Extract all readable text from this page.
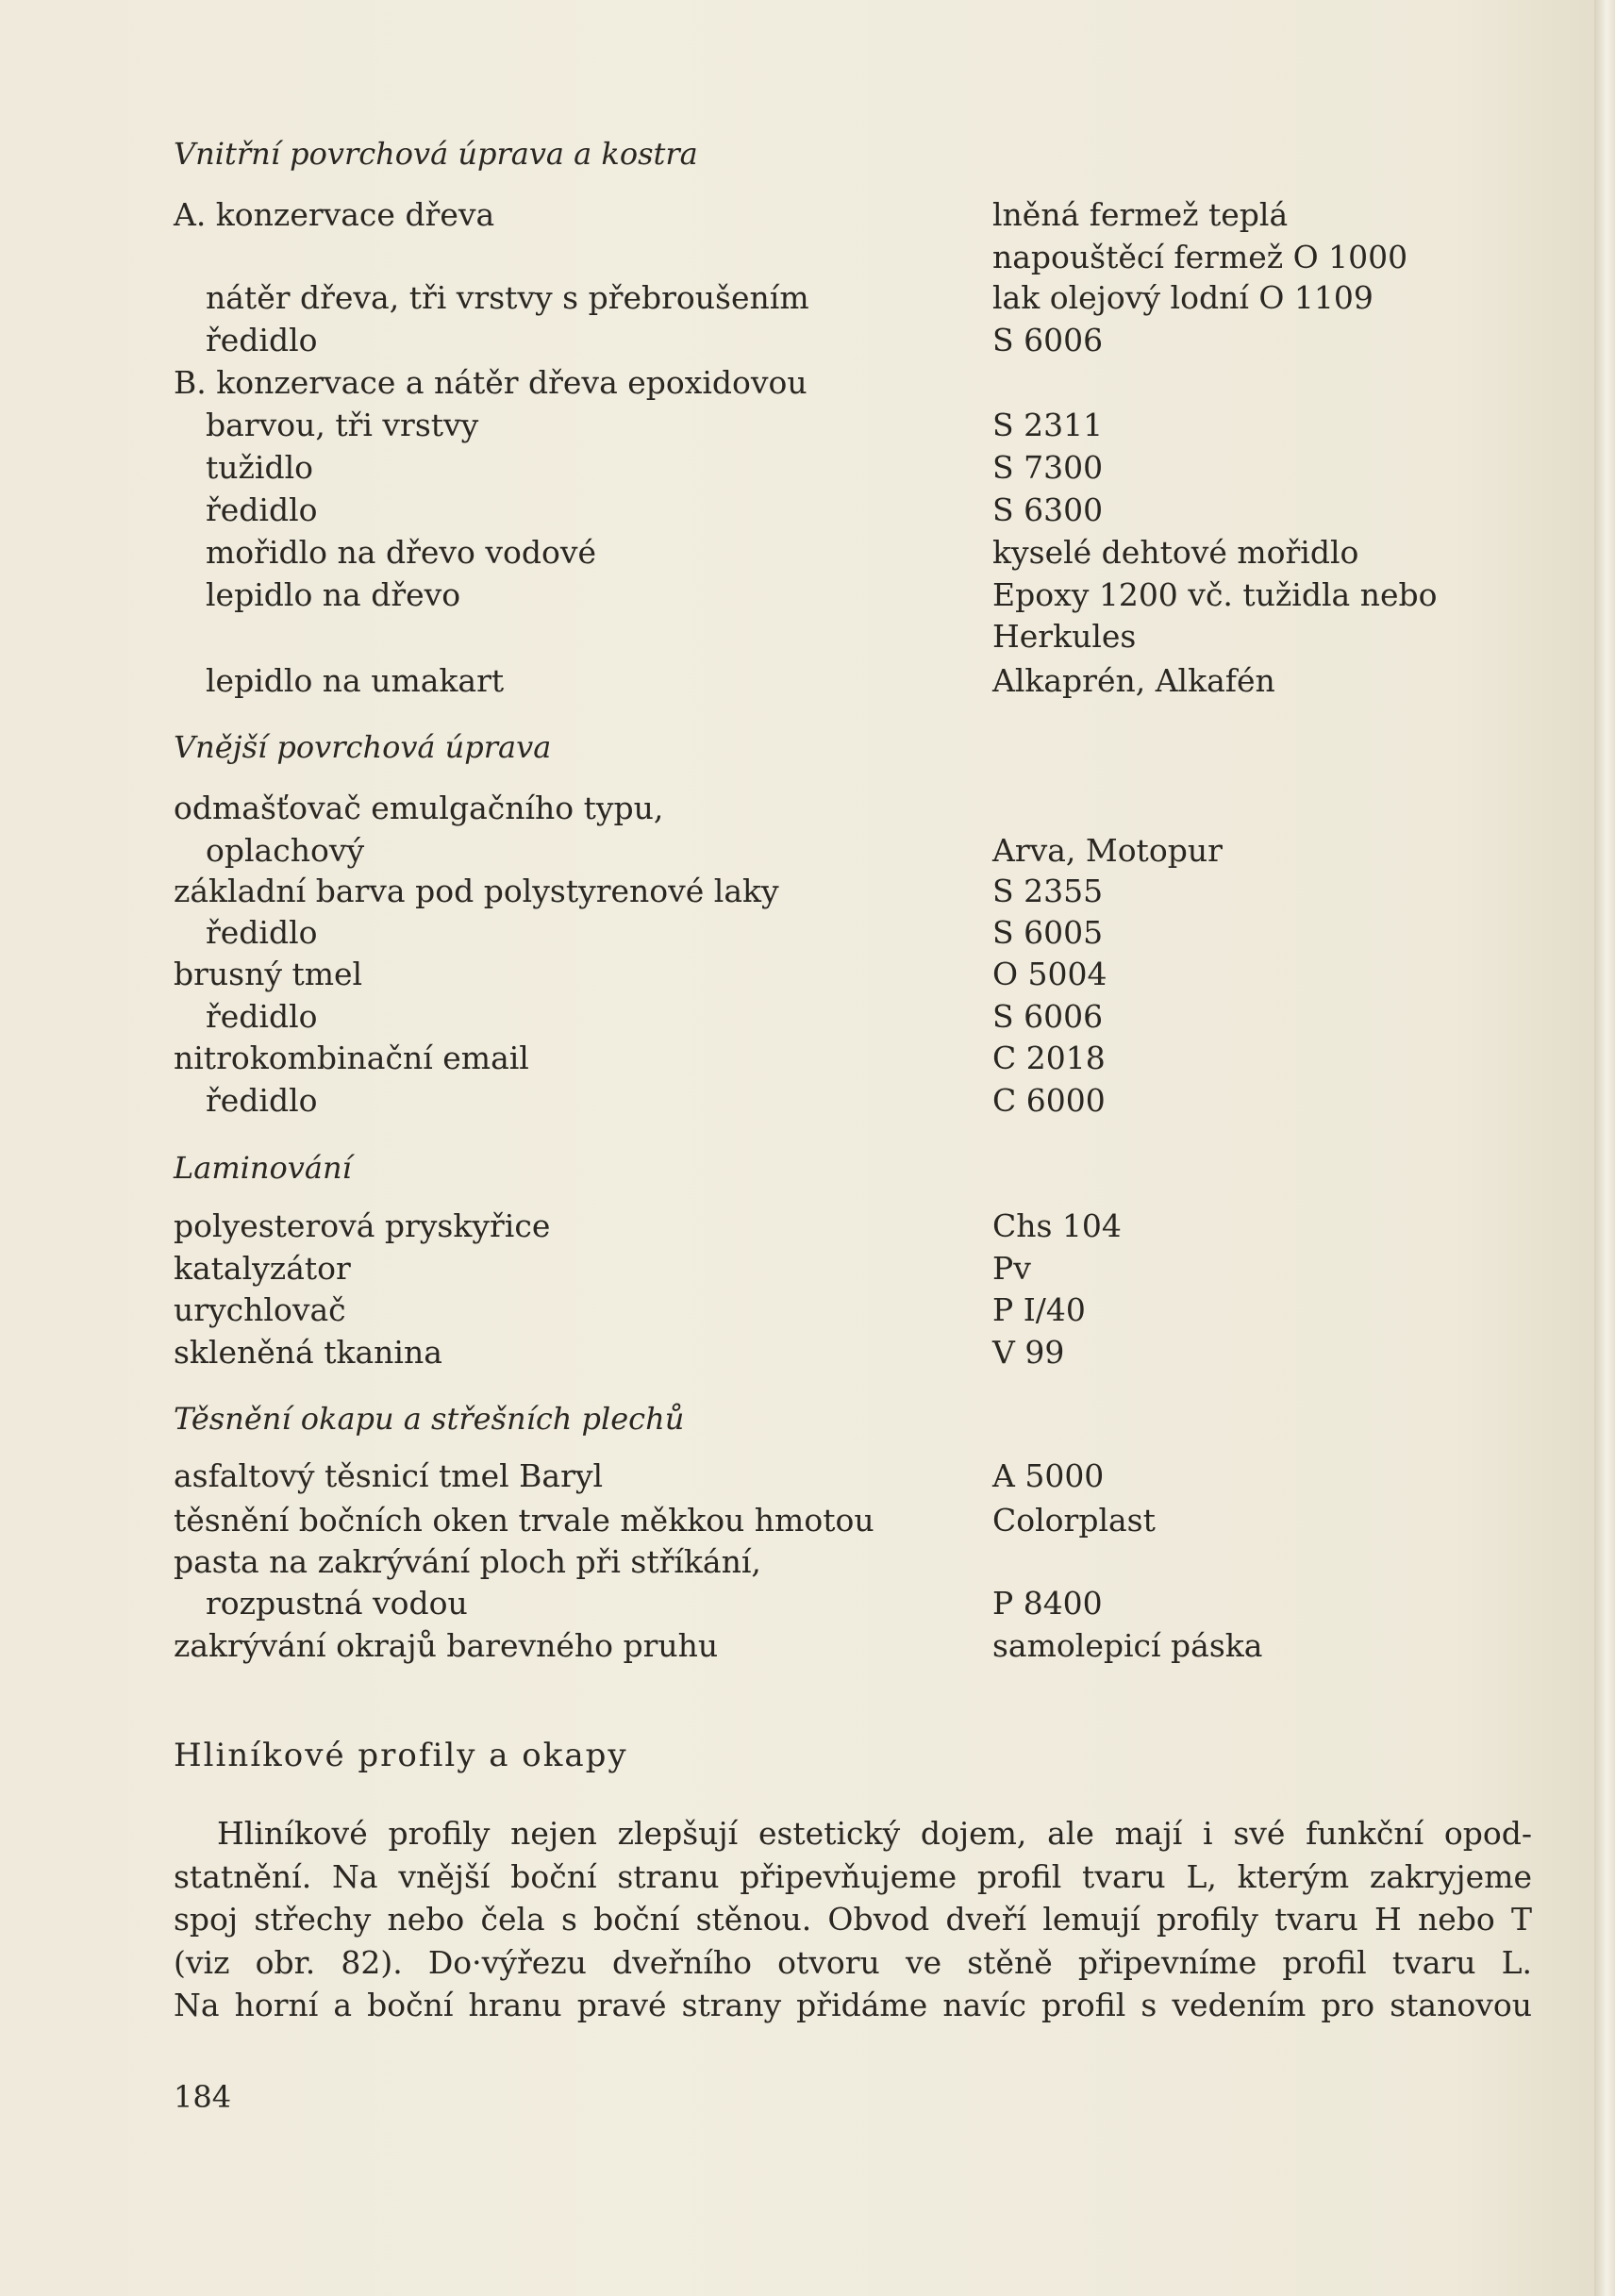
Vnitřní povrchová úprava a kostra
A. konzervace dřeva	lněná fermež teplá
napouštěcí fermež O 1000
nátěr dřeva, tři vrstvy s přebroušením	lak olejový lodní O 1109
ředidlo	S 6006
B. konzervace a nátěr dřeva epoxidovou
barvou, tři vrstvy	S 2311
tužidlo	S 7300
ředidlo	S 6300
mořidlo na dřevo vodové	kyselé dehtové mořidlo
lepidlo na dřevo	Epoxy 1200 vč. tužidla nebo
Herkules
lepidlo na umakart	Alkaprén, Alkafén
Vnější povrchová úprava
odmašťovač emulgačního typu,
oplachový	Arva, Motopur
základní barva pod polystyrenové laky	S 2355
ředidlo	S 6005
brusný tmel	O 5004
ředidlo	S 6006
nitrokombinační email	C 2018
ředidlo	C 6000
Laminování
polyesterová pryskyřice	Chs 104
katalyzátor	Pv
urychlovač	P I/40
skleněná tkanina	V 99
Těsnění okapu a střešních plechů
asfaltový těsnicí tmel Baryl	A 5000
těsnění bočních oken trvale měkkou hmotou	Colorplast
pasta na zakrývání ploch při stříkání,
rozpustná vodou	P 8400
zakrývání okrajů barevného pruhu	samolepicí páska
Hliníkové profily a okapy

Hliníkové profily nejen zlepšují estetický dojem, ale mají i své funkční opod-
statnění. Na vnější boční stranu připevňujeme profil tvaru L, kterým zakryjeme
spoj střechy nebo čela s boční stěnou. Obvod dveří lemují profily tvaru H nebo T
(viz obr. 82). Do·výřezu dveřního otvoru ve stěně připevníme profil tvaru L.
Na horní a boční hranu pravé strany přidáme navíc profil s vedením pro stanovou

184
